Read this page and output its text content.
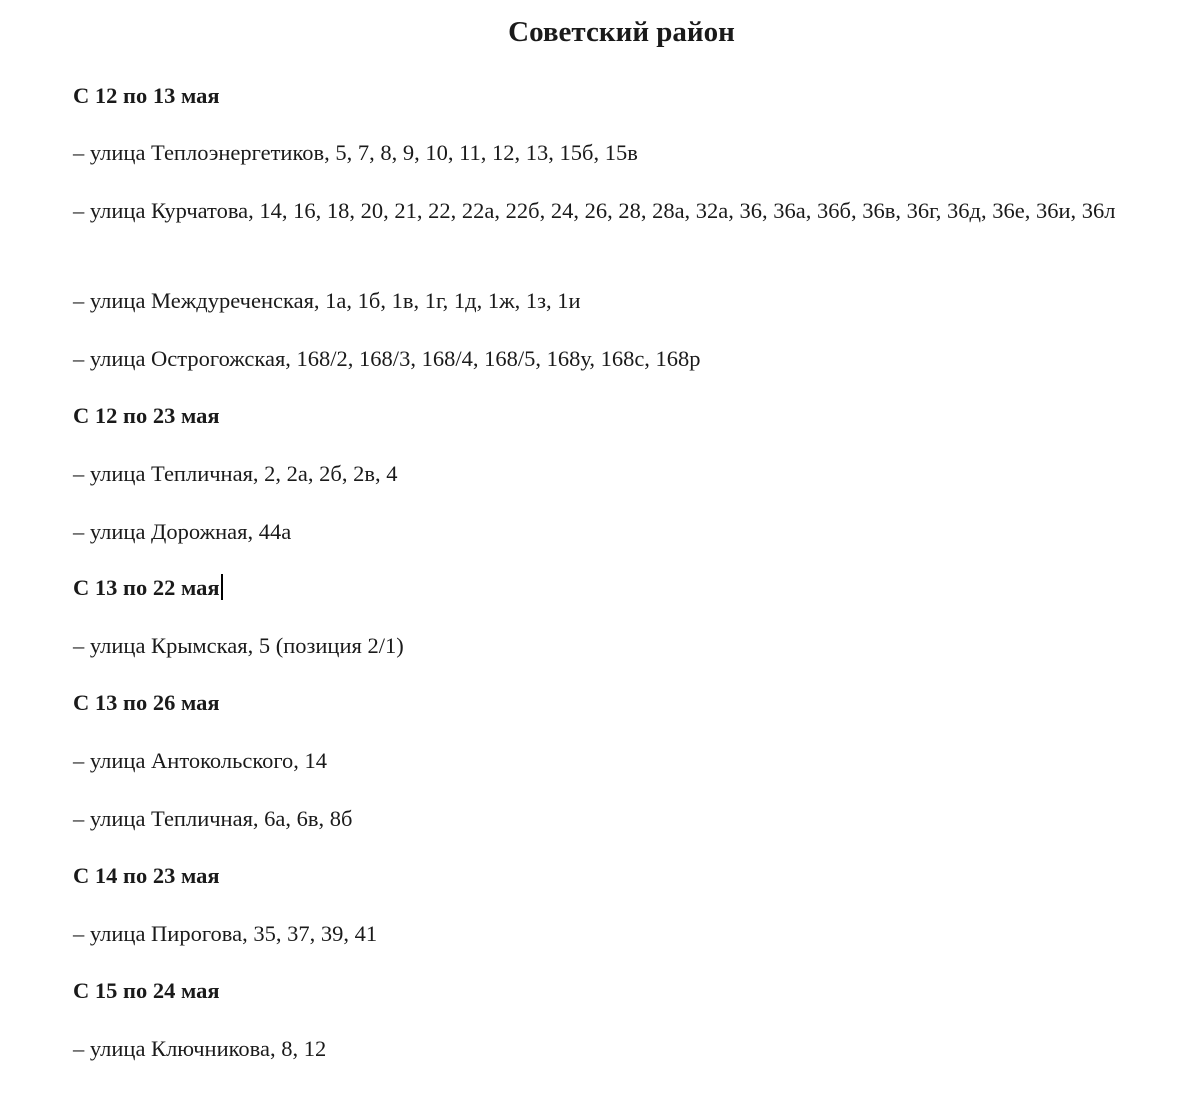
Советский район

С 12 по 13 мая

– улица Теплоэнергетиков, 5, 7, 8, 9, 10, 11, 12, 13, 15б, 15в

– улица Курчатова, 14, 16, 18, 20, 21, 22, 22а, 22б, 24, 26, 28, 28а, 32а, 36, 36а, 36б, 36в, 36г, 36д, 36е, 36и, 36л

– улица Междуреченская, 1а, 1б, 1в, 1г, 1д, 1ж, 1з, 1и

– улица Острогожская, 168/2, 168/3, 168/4, 168/5, 168у, 168с, 168р

С 12 по 23 мая

– улица Тепличная, 2, 2а, 2б, 2в, 4

– улица Дорожная, 44а

С 13 по 22 мая

– улица Крымская, 5 (позиция 2/1)

С 13 по 26 мая

– улица Антокольского, 14

– улица Тепличная, 6а, 6в, 8б

С 14 по 23 мая

– улица Пирогова, 35, 37, 39, 41

С 15 по 24 мая

– улица Ключникова, 8, 12
